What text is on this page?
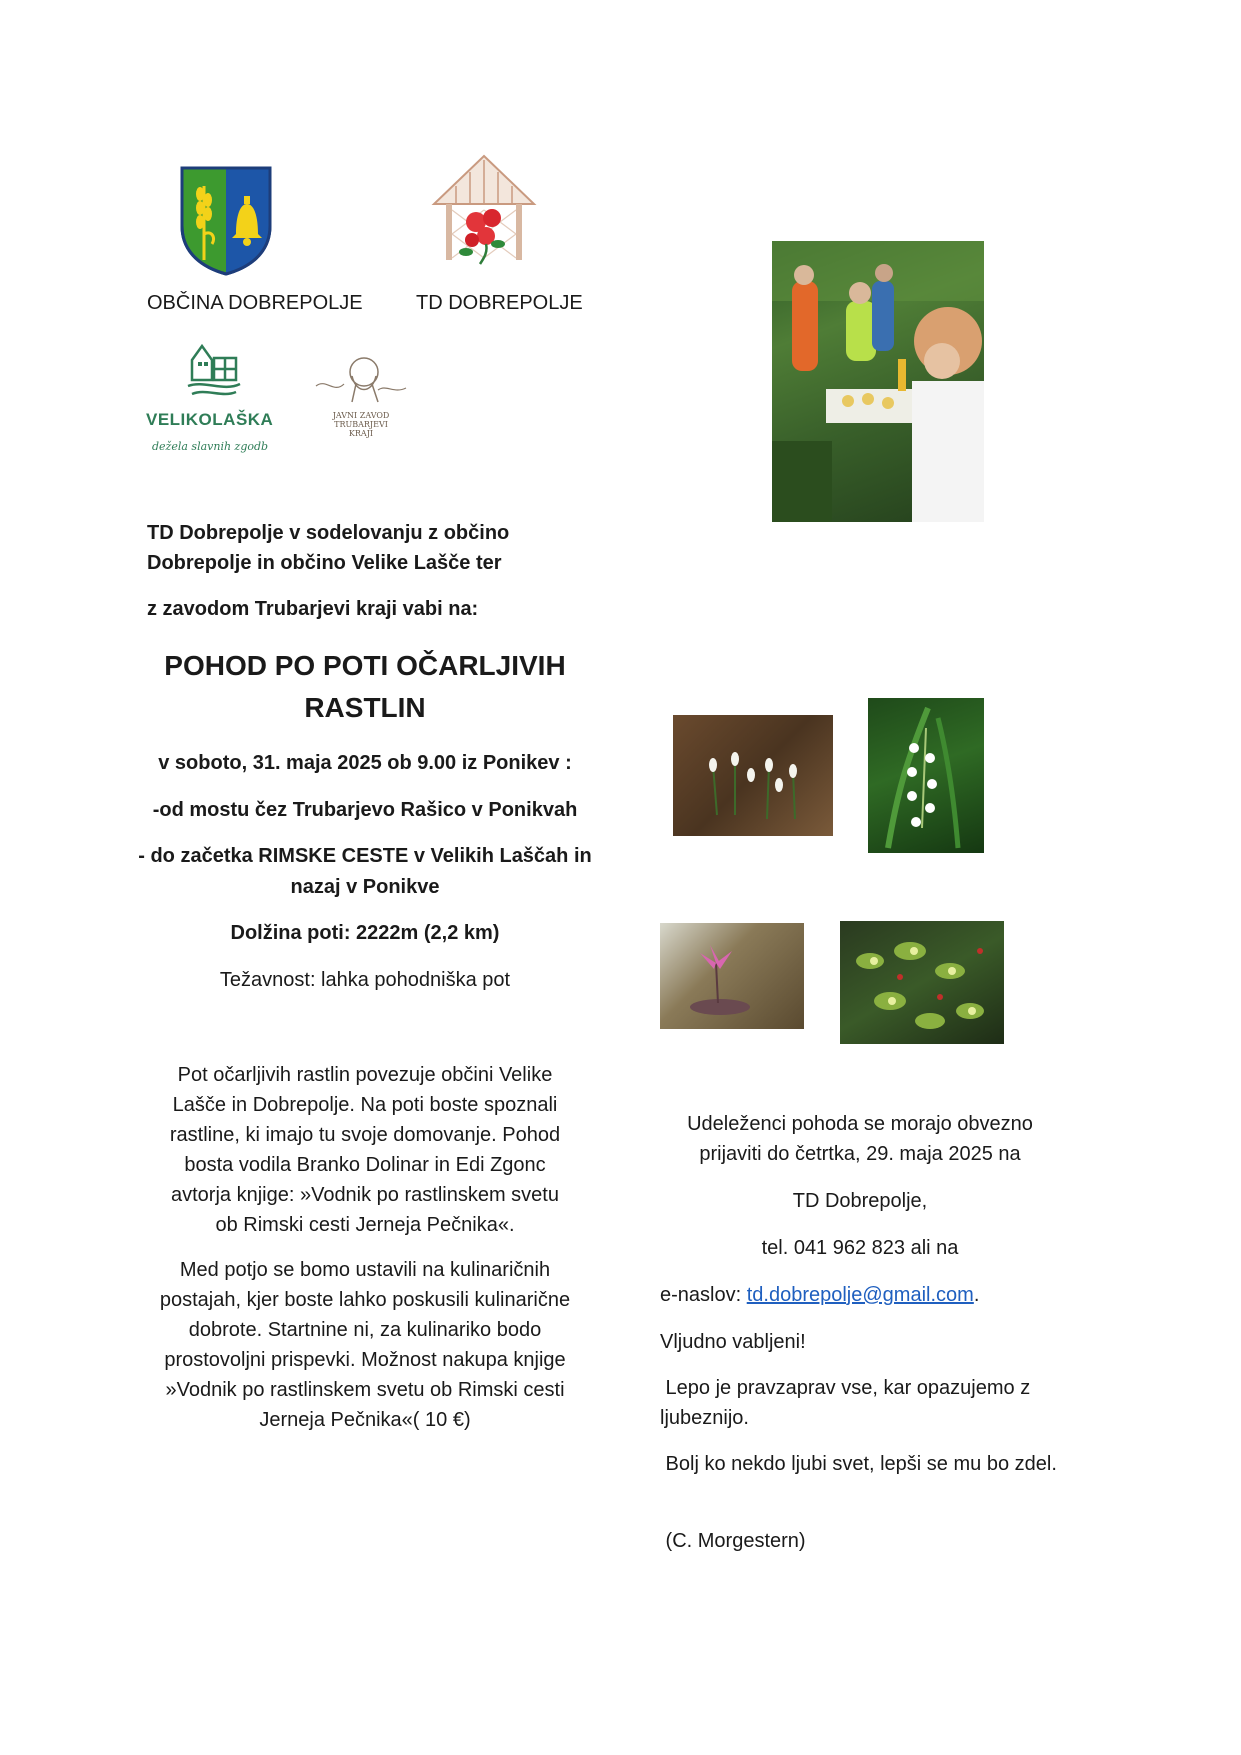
OBČINA DOBREPOLJE	TD DOBREPOLJE
VELIKOLAŠKA
dežela slavnih zgodb
JAVNI ZAVOD TRUBARJEVI KRAJI
TD Dobrepolje v sodelovanju z občino
Dobrepolje in občino Velike Lašče ter
z zavodom Trubarjevi kraji vabi na:
POHOD PO POTI OČARLJIVIH
RASTLIN
v soboto, 31. maja 2025 ob 9.00 iz Ponikev :
-od mostu čez Trubarjevo Rašico v Ponikvah
- do začetka RIMSKE CESTE v Velikih Laščah in
nazaj v Ponikve
Dolžina poti: 2222m (2,2 km)
Težavnost: lahka pohodniška pot

Pot očarljivih rastlin povezuje občini Velike

Lašče in Dobrepolje. Na poti boste spoznali

rastline, ki imajo tu svoje domovanje. Pohod

bosta vodila Branko Dolinar in Edi Zgonc

avtorja knjige: »Vodnik po rastlinskem svetu

ob Rimski cesti Jerneja Pečnika«.

Med potjo se bomo ustavili na kulinaričnih

postajah, kjer boste lahko poskusili kulinarične

dobrote. Startnine ni, za kulinariko bodo

prostovoljni prispevki. Možnost nakupa knjige

»Vodnik po rastlinskem svetu ob Rimski cesti

Jerneja Pečnika«( 10 €)

Udeleženci pohoda se morajo obvezno
prijaviti do četrtka, 29. maja 2025 na
TD Dobrepolje,
tel. 041 962 823 ali na
e-naslov: td.dobrepolje@gmail.com.
Vljudno vabljeni!
Lepo je pravzaprav vse, kar opazujemo z
ljubeznijo.
Bolj ko nekdo ljubi svet, lepši se mu bo zdel.
(C. Morgestern)
